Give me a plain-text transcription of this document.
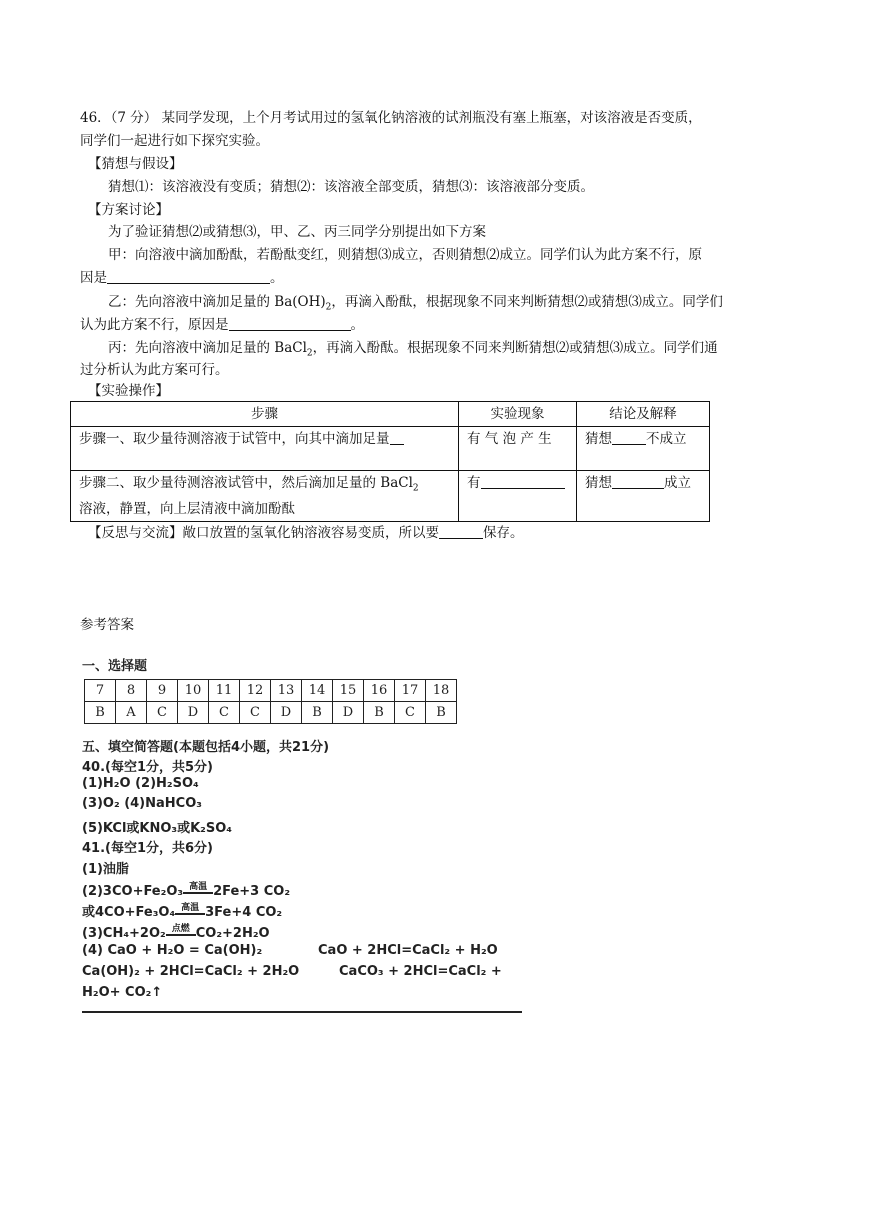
46．（7 分） 某同学发现，上个月考试用过的氢氧化钠溶液的试剂瓶没有塞上瓶塞，对该溶液是否变质，
同学们一起进行如下探究实验。
【猜想与假设】
猜想⑴：该溶液没有变质；猜想⑵：该溶液全部变质，猜想⑶：该溶液部分变质。
【方案讨论】
为了验证猜想⑵或猜想⑶，甲、乙、丙三同学分别提出如下方案
甲：向溶液中滴加酚酞，若酚酞变红，则猜想⑶成立，否则猜想⑵成立。同学们认为此方案不行，原
因是	。
乙：先向溶液中滴加足量的 $Ba(OH)_2$，再滴入酚酞，根据现象不同来判断猜想⑵或猜想⑶成立。同学们
认为此方案不行，原因是	。
丙：先向溶液中滴加足量的 BaCl$_2$，再滴入酚酞。根据现象不同来判断猜想⑵或猜想⑶成立。同学们通
过分析认为此方案可行。
【实验操作】
步骤	实验现象	结论及解释
步骤一、取少量待测溶液于试管中，向其中滴加足量	有 气 泡 产 生	猜想 不成立
步骤二、取少量待测溶液试管中，然后滴加足量的 BaCl$_2$
溶液，静置，向上层清液中滴加酚酞	有	猜想 成立
【反思与交流】敞口放置的氢氧化钠溶液容易变质，所以要	保存。
参考答案
一、选择题
7	8	9	10	11	12	13	14	15	16	17	18
B	A	C	D	C	C	D	B	D	B	C	B
五、填空简答题(本题包括4小题，共21分)
40.(每空1分，共5分)
(1)H₂O (2)H₂SO₄
(3)O₂ (4)NaHCO₃
(5)KCl或KNO₃或K₂SO₄
41.(每空1分，共6分)
(1)油脂
(2)3CO+Fe₂O₃ 高温 2Fe+3 CO₂
或4CO+Fe₃O₄ 高温 3Fe+4 CO₂
(3)CH₄+2O₂ 点燃 CO₂+2H₂O
(4) CaO + H₂O = Ca(OH)₂	CaO + 2HCl=CaCl₂ + H₂O
Ca(OH)₂ + 2HCl=CaCl₂ + 2H₂O	CaCO₃ + 2HCl=CaCl₂ +
H₂O+ CO₂↑
